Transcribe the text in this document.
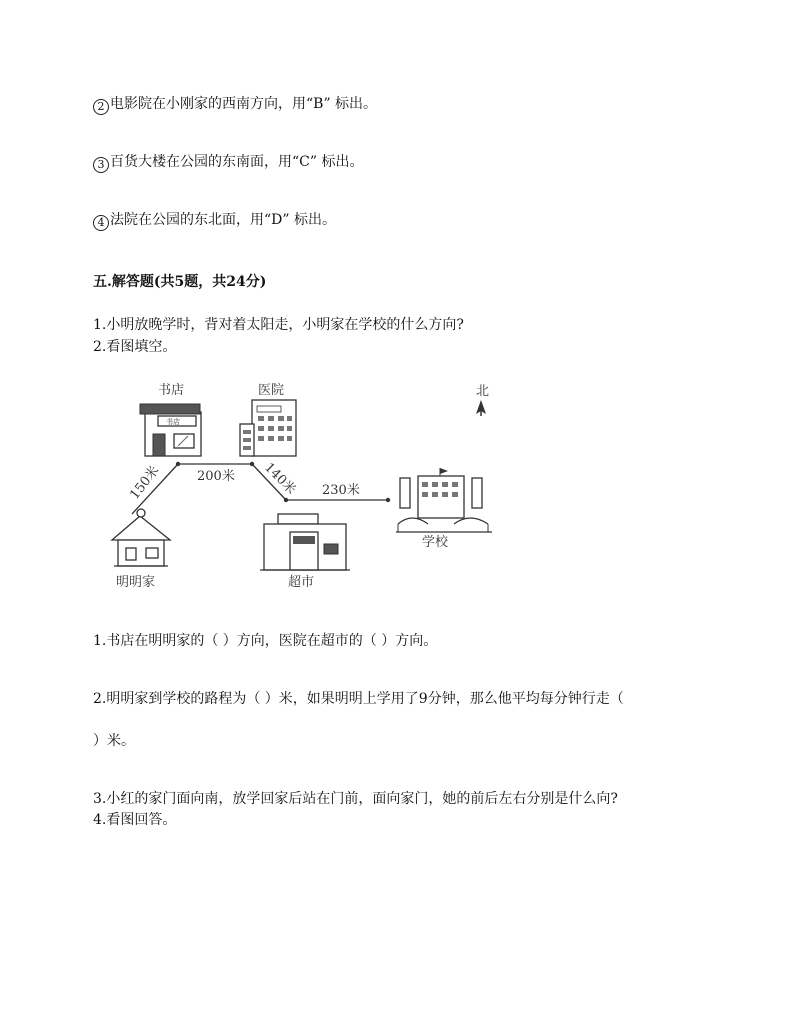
2 电影院在小刚家的西南方向，用“B” 标出。
3 百货大楼在公园的东南面，用“C” 标出。
4 法院在公园的东北面，用“D” 标出。
五.解答题(共5题，共24分)
1.小明放晚学时，背对着太阳走，小明家在学校的什么方向?
2.看图填空。
150米	200米 140米 230米
书店
书店
医院	北
明明家	超市
学校
1.书店在明明家的（ ）方向，医院在超市的（ ）方向。
2.明明家到学校的路程为（ ）米，如果明明上学用了9分钟，那么他平均每分钟行走（
）米。
3.小红的家门面向南，放学回家后站在门前，面向家门，她的前后左右分别是什么向?
4.看图回答。
